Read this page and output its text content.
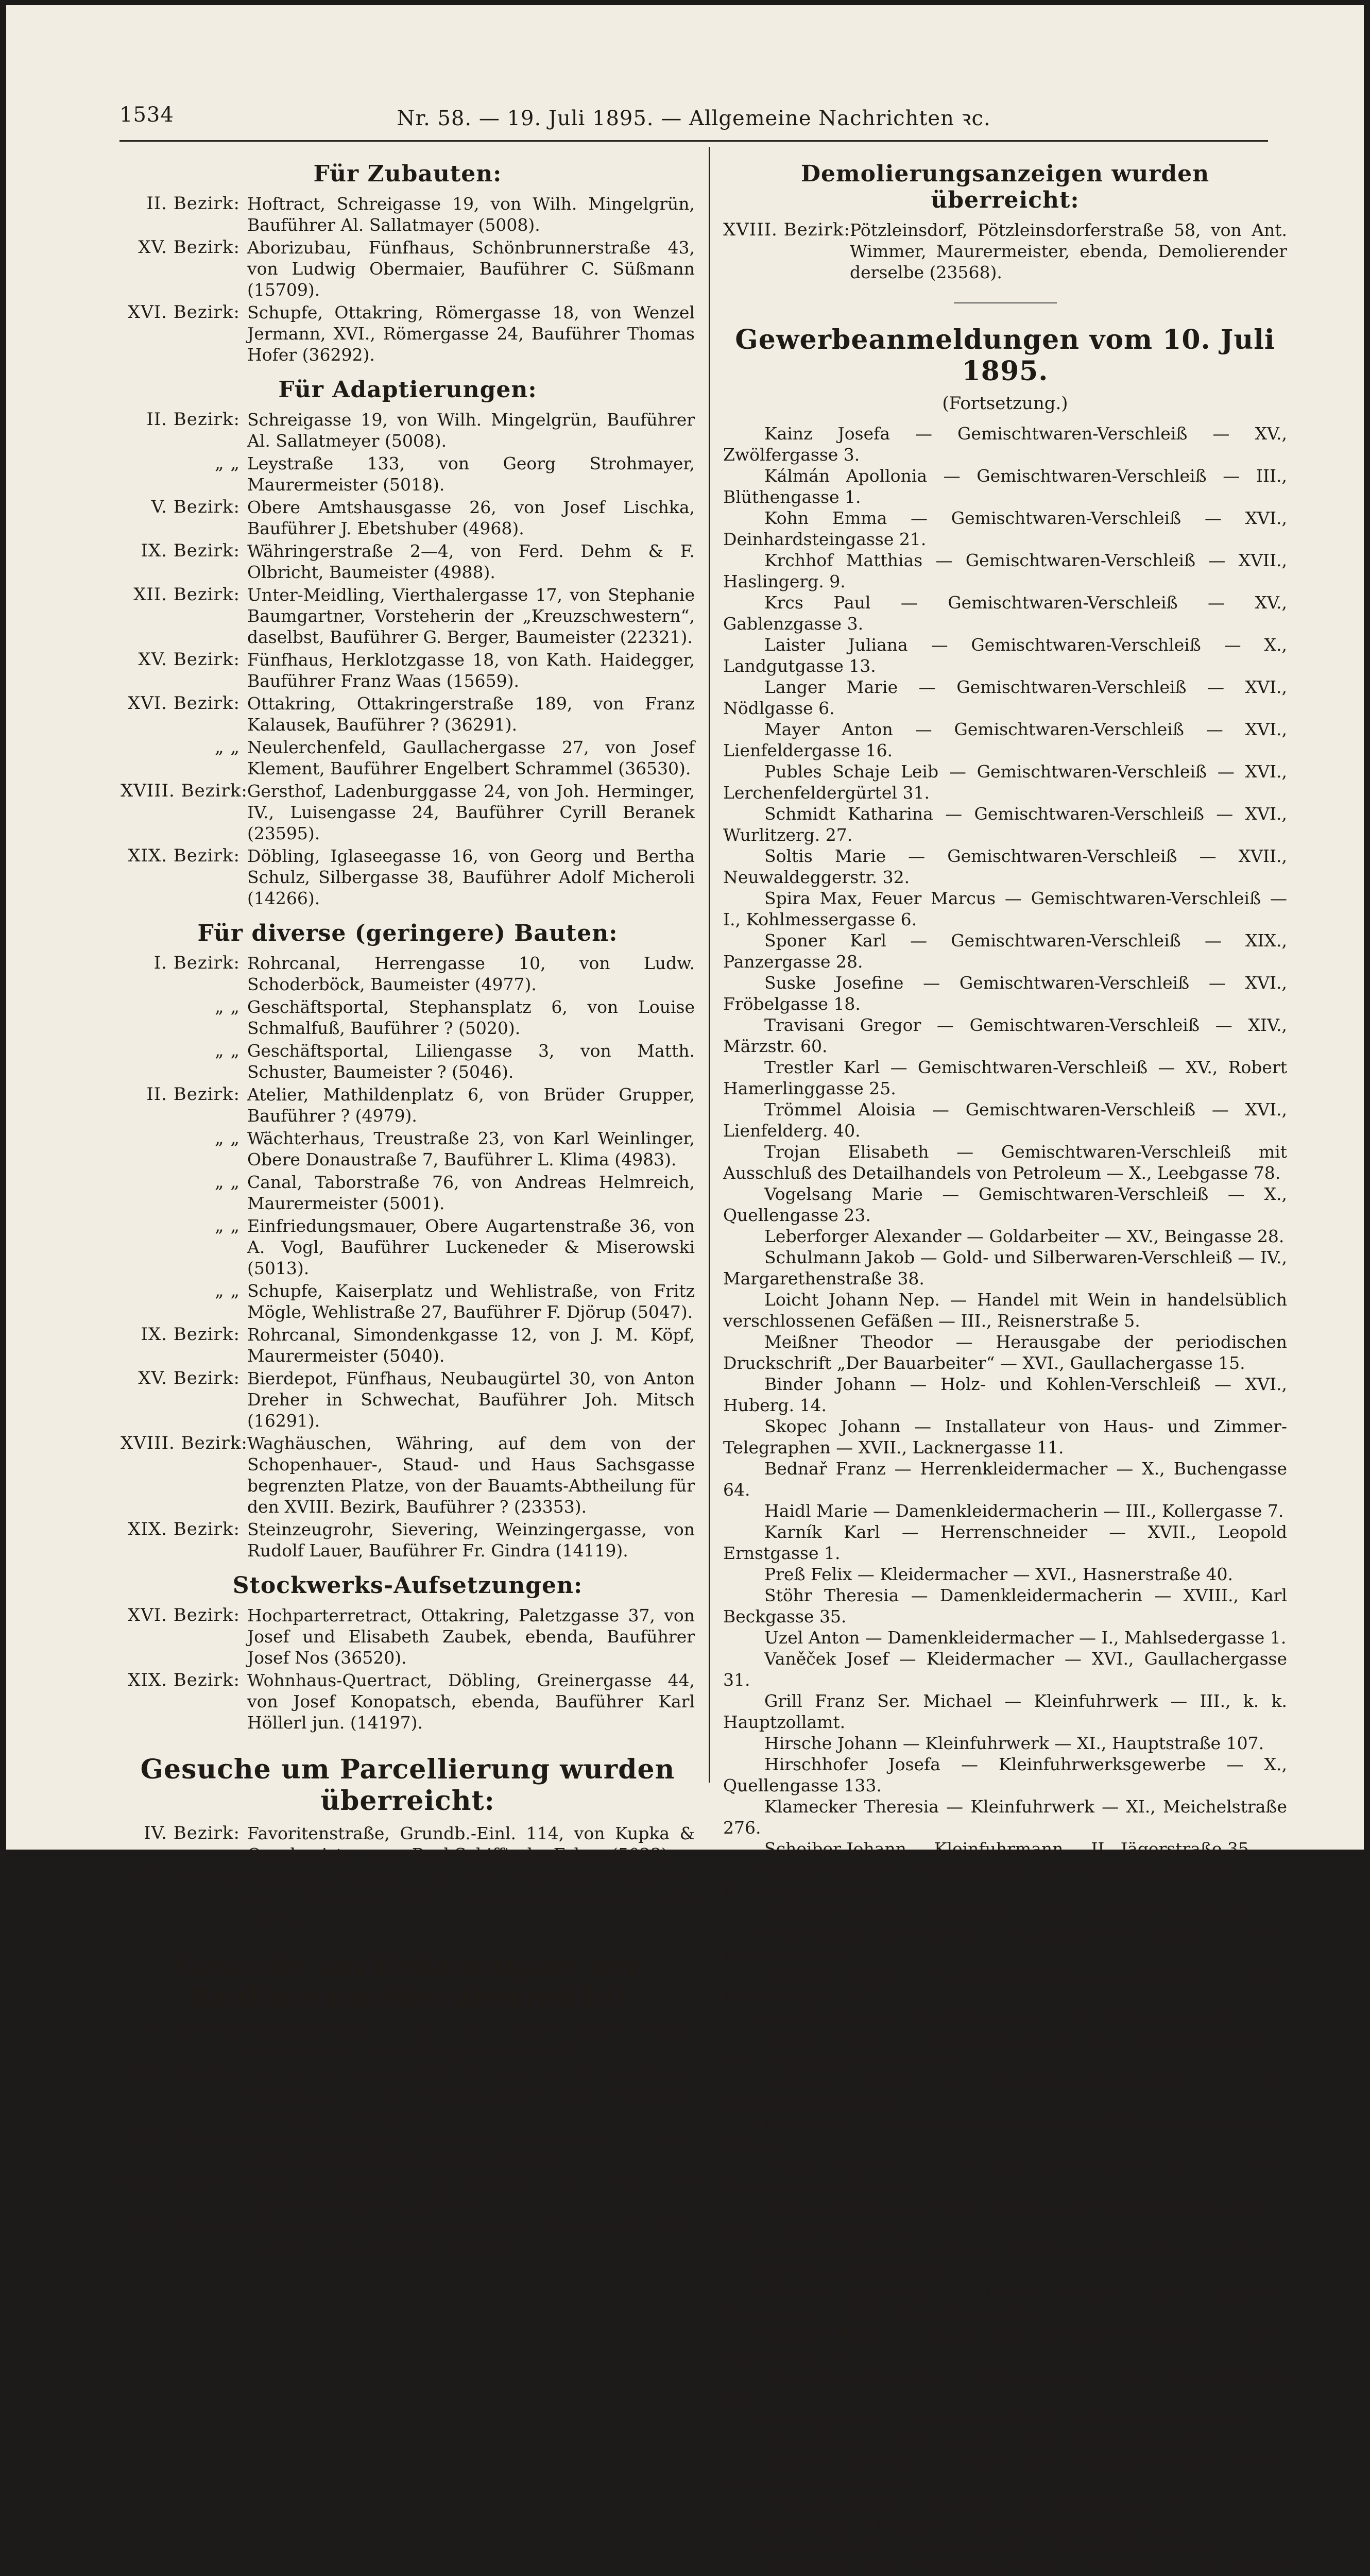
1534	Nr. 58. — 19. Juli 1895. — Allgemeine Nachrichten ꝛc.
Für Zubauten:
II. Bezirk: Hoftract, Schreigasse 19, von Wilh. Mingelgrün, Bauführer Al. Sallatmayer (5008).
XV. Bezirk: Aborizubau, Fünfhaus, Schönbrunnerstraße 43, von Ludwig Obermaier, Bauführer C. Süßmann (15709).
XVI. Bezirk: Schupfe, Ottakring, Römergasse 18, von Wenzel Jermann, XVI., Römergasse 24, Bauführer Thomas Hofer (36292).
Für Adaptierungen:
II. Bezirk: Schreigasse 19, von Wilh. Mingelgrün, Bauführer Al. Sallatmeyer (5008).
„ „ Leystraße 133, von Georg Strohmayer, Maurermeister (5018).
V. Bezirk: Obere Amtshausgasse 26, von Josef Lischka, Bauführer J. Ebetshuber (4968).
IX. Bezirk: Währingerstraße 2—4, von Ferd. Dehm & F. Olbricht, Baumeister (4988).
XII. Bezirk: Unter-Meidling, Vierthalergasse 17, von Stephanie Baumgartner, Vorsteherin der „Kreuzschwestern“, daselbst, Bauführer G. Berger, Baumeister (22321).
XV. Bezirk: Fünfhaus, Herklotzgasse 18, von Kath. Haidegger, Bauführer Franz Waas (15659).
XVI. Bezirk: Ottakring, Ottakringerstraße 189, von Franz Kalausek, Bauführer ? (36291).
„ „ Neulerchenfeld, Gaullachergasse 27, von Josef Klement, Bauführer Engelbert Schrammel (36530).
XVIII. Bezirk: Gersthof, Ladenburggasse 24, von Joh. Herminger, IV., Luisengasse 24, Bauführer Cyrill Beranek (23595).
XIX. Bezirk: Döbling, Iglaseegasse 16, von Georg und Bertha Schulz, Silbergasse 38, Bauführer Adolf Micheroli (14266).
Für diverse (geringere) Bauten:
I. Bezirk: Rohrcanal, Herrengasse 10, von Ludw. Schoderböck, Baumeister (4977).
„ „ Geschäftsportal, Stephansplatz 6, von Louise Schmalfuß, Bauführer ? (5020).
„ „ Geschäftsportal, Liliengasse 3, von Matth. Schuster, Baumeister ? (5046).
II. Bezirk: Atelier, Mathildenplatz 6, von Brüder Grupper, Bauführer ? (4979).
„ „ Wächterhaus, Treustraße 23, von Karl Weinlinger, Obere Donaustraße 7, Bauführer L. Klima (4983).
„ „ Canal, Taborstraße 76, von Andreas Helmreich, Maurermeister (5001).
„ „ Einfriedungsmauer, Obere Augartenstraße 36, von A. Vogl, Bauführer Luckeneder & Miserowski (5013).
„ „ Schupfe, Kaiserplatz und Wehlistraße, von Fritz Mögle, Wehlistraße 27, Bauführer F. Djörup (5047).
IX. Bezirk: Rohrcanal, Simondenkgasse 12, von J. M. Köpf, Maurermeister (5040).
XV. Bezirk: Bierdepot, Fünfhaus, Neubaugürtel 30, von Anton Dreher in Schwechat, Bauführer Joh. Mitsch (16291).
XVIII. Bezirk: Waghäuschen, Währing, auf dem von der Schopenhauer-, Staud- und Haus Sachsgasse begrenzten Platze, von der Bauamts-Abtheilung für den XVIII. Bezirk, Bauführer ? (23353).
XIX. Bezirk: Steinzeugrohr, Sievering, Weinzingergasse, von Rudolf Lauer, Bauführer Fr. Gindra (14119).
Stockwerks-Aufsetzungen:
XVI. Bezirk: Hochparterretract, Ottakring, Paletzgasse 37, von Josef und Elisabeth Zaubek, ebenda, Bauführer Josef Nos (36520).
XIX. Bezirk: Wohnhaus-Quertract, Döbling, Greinergasse 44, von Josef Konopatsch, ebenda, Bauführer Karl Höllerl jun. (14197).
Gesuche um Parcellierung wurden überreicht:
IV. Bezirk: Favoritenstraße, Grundb.-Einl. 114, von Kupka & Orgelmeister, noe. Paul Schiff'sche Erben (5023).
XII. Bezirk: Meidling, Grundb.-Einl. 970, von Gustav Moser & Chr. Schmidt, XII., Schönbrunnerstraße 121 (4972).
Gesuche um Bekanntgabe der Baulinie wurden überreicht:
V. Bezirk: Einsiedlerplatz 16, von Josef und Marie Röhrenböck, Einsiedlergasse 60 (4981).
XV. Bezirk: Cat.-Z. 75, Conscr.-Nr. 52, Einl.-Z. 52, Fünfhaus, Thalgasse 3, von Thomas und Marie Schwarz, Hackeng. 19 (15693).
XVI. Bezirk: Stockaufsetzung, Ottakring, Paletzgasse 37, von Josef und Elisabeth Zaubek (36519).
XVII. Bezirk: Neubau, Hernals, Nattergasse, von Ignaz und Gustav Felasberg (26049).
XIX. Bezirk: Ober-Döbling, Gymnasiumstraße 89, Einl.-Z. 274, von Joh. Oesterreicher (13905).
Demolierungsanzeigen wurden überreicht:
XVIII. Bezirk: Pötzleinsdorf, Pötzleinsdorferstraße 58, von Ant. Wimmer, Maurermeister, ebenda, Demolierender derselbe (23568).
Gewerbeanmeldungen vom 10. Juli 1895.
(Fortsetzung.)
Kainz Josefa — Gemischtwaren-Verschleiß — XV., Zwölfergasse 3.
Kálmán Apollonia — Gemischtwaren-Verschleiß — III., Blüthengasse 1.
Kohn Emma — Gemischtwaren-Verschleiß — XVI., Deinhardsteingasse 21.
Krchhof Matthias — Gemischtwaren-Verschleiß — XVII., Haslingerg. 9.
Krcs Paul — Gemischtwaren-Verschleiß — XV., Gablenzgasse 3.
Laister Juliana — Gemischtwaren-Verschleiß — X., Landgutgasse 13.
Langer Marie — Gemischtwaren-Verschleiß — XVI., Nödlgasse 6.
Mayer Anton — Gemischtwaren-Verschleiß — XVI., Lienfeldergasse 16.
Publes Schaje Leib — Gemischtwaren-Verschleiß — XVI., Lerchenfeldergürtel 31.
Schmidt Katharina — Gemischtwaren-Verschleiß — XVI., Wurlitzerg. 27.
Soltis Marie — Gemischtwaren-Verschleiß — XVII., Neuwaldeggerstr. 32.
Spira Max, Feuer Marcus — Gemischtwaren-Verschleiß — I., Kohlmessergasse 6.
Sponer Karl — Gemischtwaren-Verschleiß — XIX., Panzergasse 28.
Suske Josefine — Gemischtwaren-Verschleiß — XVI., Fröbelgasse 18.
Travisani Gregor — Gemischtwaren-Verschleiß — XIV., Märzstr. 60.
Trestler Karl — Gemischtwaren-Verschleiß — XV., Robert Hamerlinggasse 25.
Trömmel Aloisia — Gemischtwaren-Verschleiß — XVI., Lienfelderg. 40.
Trojan Elisabeth — Gemischtwaren-Verschleiß mit Ausschluß des Detailhandels von Petroleum — X., Leebgasse 78.
Vogelsang Marie — Gemischtwaren-Verschleiß — X., Quellengasse 23.
Leberforger Alexander — Goldarbeiter — XV., Beingasse 28.
Schulmann Jakob — Gold- und Silberwaren-Verschleiß — IV., Margarethenstraße 38.
Loicht Johann Nep. — Handel mit Wein in handelsüblich verschlossenen Gefäßen — III., Reisnerstraße 5.
Meißner Theodor — Herausgabe der periodischen Druckschrift „Der Bauarbeiter“ — XVI., Gaullachergasse 15.
Binder Johann — Holz- und Kohlen-Verschleiß — XVI., Huberg. 14.
Skopec Johann — Installateur von Haus- und Zimmer-Telegraphen — XVII., Lacknergasse 11.
Bednař Franz — Herrenkleidermacher — X., Buchengasse 64.
Haidl Marie — Damenkleidermacherin — III., Kollergasse 7.
Karník Karl — Herrenschneider — XVII., Leopold Ernstgasse 1.
Preß Felix — Kleidermacher — XVI., Hasnerstraße 40.
Stöhr Theresia — Damenkleidermacherin — XVIII., Karl Beckgasse 35.
Uzel Anton — Damenkleidermacher — I., Mahlsedergasse 1.
Vaněček Josef — Kleidermacher — XVI., Gaullachergasse 31.
Grill Franz Ser. Michael — Kleinfuhrwerk — III., k. k. Hauptzollamt.
Hirsche Johann — Kleinfuhrwerk — XI., Hauptstraße 107.
Hirschhofer Josefa — Kleinfuhrwerksgewerbe — X., Quellengasse 133.
Klamecker Theresia — Kleinfuhrwerk — XI., Meichelstraße 276.
Scheiber Johann — Kleinfuhrmann — II., Jägerstraße 35.
Hampe Rudolf — Kleinhandel mit Brennholz, Kohlen ꝛc. — IV., Hauptstraße 83.
Novotni Wenzel — Kürschner — XVI., Liebhartsgasse 25.
Goldenberg Hildegarde — Kurzwaren-Verschleiß — XVI., Brunneng. 66.
Weidlich Johann — Ledergalanteriewaren-Erzeuger — XVI., Brunnengasse 35.
Levstik Georg — Marktfierantie — III., Gärtnergasse 8.
Berger Marie — Marktvictualien- und Geflügelhandel — XVI., Brunnengasse, Markt.
Csulena Marie — Marktvictualienhandel — IV., Kärnthnerthormarkt.
Mark Julie — Marktvictualienhandel — XVI., Brunnengasse, Markt.
Stöger Marie — Marktvictualien-Verschleiß — XVI., Brunnengasse, Markt.
Löhlein Andreas — Mehl-, Grieß- und Canditen-Verschleiß — XVII., Blumengasse 30.
Dechant Juliana — Milch-, Gebäck- und Canditen-Verschleiß — XVI., Hasnerstraße 80.
Förster Katharina — Milch-, Gebäck- und Canditen-Verschleiß — XVII., Hauptstraße 79.
Idinger Karl — Milch- und Gebäck-Verschleiß — XVI., Ganstererg. 6.
Klamecker Theresia — Milchmeierei — XI., Meichelstraße 276.
Pröstl Johann — Milch-Verschleiß — XVI., Thaliastraße 13.
Putz Johann — Milchmeier — XVII., Geblergasse 57.
Sindler Theresia — Milch- und Gebäckverschleiß — IV., Schaumburggasse 13.
Schwab Johann — Musiker — X., Gellertgasse 5.
Bohr Karl — Musiker — X., Himbergerstraße 22.
Freund David — Papierhandel — XVI., Baldiagasse 2.
Buchhard Paul, Puchatzky Paul — Pfaidler — I., Hoher
